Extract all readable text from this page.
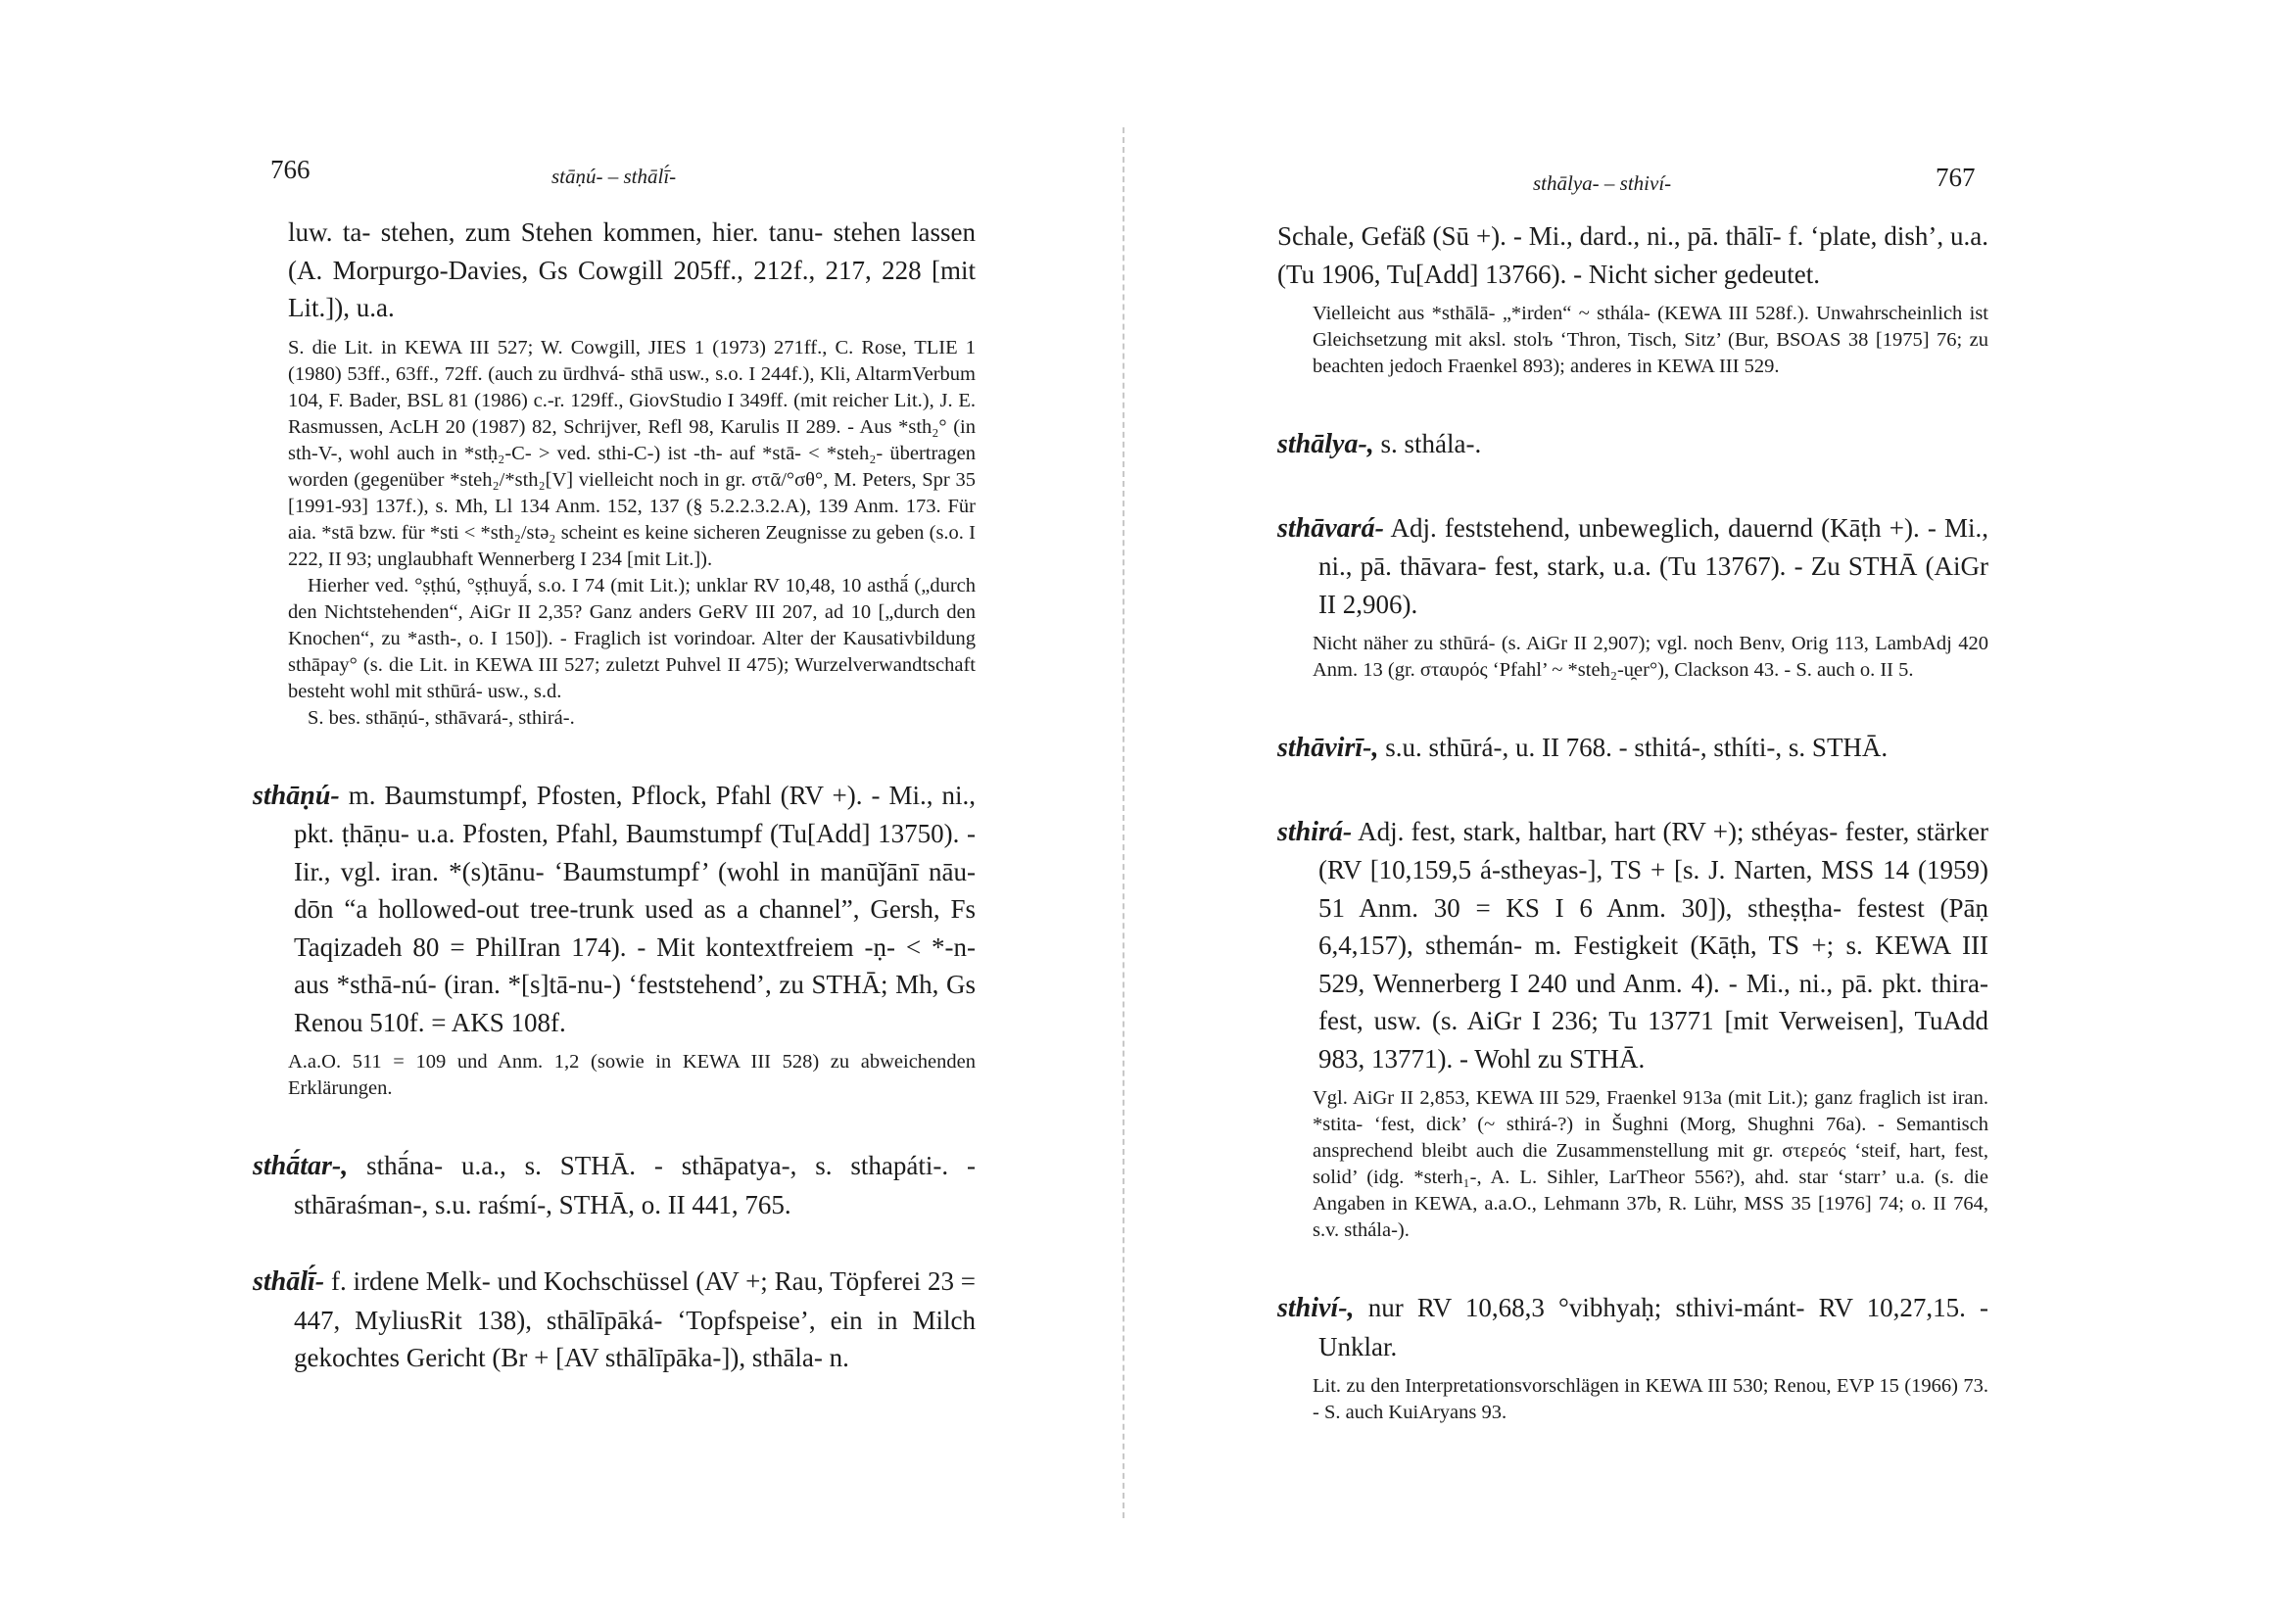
766	stāṇú- – sthālī́-

luw. ta- stehen, zum Stehen kommen, hier. tanu- stehen lassen (A. Morpurgo-Davies, Gs Cowgill 205ff., 212f., 217, 228 [mit Lit.]), u.a.

S. die Lit. in KEWA III 527; W. Cowgill, JIES 1 (1973) 271ff., C. Rose, TLIE 1 (1980) 53ff., 63ff., 72ff. (auch zu ūrdhvá- sthā usw., s.o. I 244f.), Kli, AltarmVerbum 104, F. Bader, BSL 81 (1986) c.-r. 129ff., GiovStudio I 349ff. (mit reicher Lit.), J. E. Rasmussen, AcLH 20 (1987) 82, Schrijver, Refl 98, Karulis II 289. - Aus *sth₂° (in sth-V-, wohl auch in *stḥ₂-C- > ved. sthi-C-) ist -th- auf *stā- < *steh₂- übertragen worden (gegenüber *steh₂/*sth₂[V] vielleicht noch in gr. στᾶ/°σθ°, M. Peters, Spr 35 [1991-93] 137f.), s. Mh, Ll 134 Anm. 152, 137 (§ 5.2.2.3.2.A), 139 Anm. 173. Für aia. *stā bzw. für *sti < *sth₂/stə₂ scheint es keine sicheren Zeugnisse zu geben (s.o. I 222, II 93; unglaubhaft Wennerberg I 234 [mit Lit.]).

Hierher ved. °ṣṭhú, °ṣṭhuyā́, s.o. I 74 (mit Lit.); unklar RV 10,48, 10 asthā́ („durch den Nichtstehenden“, AiGr II 2,35? Ganz anders GeRV III 207, ad 10 [„durch den Knochen“, zu *asth-, o. I 150]). - Fraglich ist vorindoar. Alter der Kausativbildung sthāpay° (s. die Lit. in KEWA III 527; zuletzt Puhvel II 475); Wurzelverwandtschaft besteht wohl mit sthūrá- usw., s.d.

S. bes. sthāṇú-, sthāvará-, sthirá-.

sthāṇú- m. Baumstumpf, Pfosten, Pflock, Pfahl (RV +). - Mi., ni., pkt. ṭhāṇu- u.a. Pfosten, Pfahl, Baumstumpf (Tu[Add] 13750). - Iir., vgl. iran. *(s)tānu- ‘Baumstumpf’ (wohl in manūǰānī nāu-dōn “a hollowed-out tree-trunk used as a channel”, Gersh, Fs Taqizadeh 80 = PhilIran 174). - Mit kontextfreiem -ṇ- < *-n- aus *sthā-nú- (iran. *[s]tā-nu-) ‘feststehend’, zu STHĀ; Mh, Gs Renou 510f. = AKS 108f.

A.a.O. 511 = 109 und Anm. 1,2 (sowie in KEWA III 528) zu abweichenden Erklärungen.

sthā́tar-, sthā́na- u.a., s. STHĀ. - sthāpatya-, s. sthapáti-. - sthāraśman-, s.u. raśmí-, STHĀ, o. II 441, 765.

sthālī́- f. irdene Melk- und Kochschüssel (AV +; Rau, Töpferei 23 = 447, MyliusRit 138), sthālīpāká- ‘Topfspeise’, ein in Milch gekochtes Gericht (Br + [AV sthālīpāka-]), sthāla- n.

sthālya- – sthiví-	767

Schale, Gefäß (Sū +). - Mi., dard., ni., pā. thālī- f. ‘plate, dish’, u.a. (Tu 1906, Tu[Add] 13766). - Nicht sicher gedeutet.

Vielleicht aus *sthālā- „*irden“ ~ sthála- (KEWA III 528f.). Unwahrscheinlich ist Gleichsetzung mit aksl. stolъ ‘Thron, Tisch, Sitz’ (Bur, BSOAS 38 [1975] 76; zu beachten jedoch Fraenkel 893); anderes in KEWA III 529.

sthālya-, s. sthála-.

sthāvará- Adj. feststehend, unbeweglich, dauernd (Kāṭh +). - Mi., ni., pā. thāvara- fest, stark, u.a. (Tu 13767). - Zu STHĀ (AiGr II 2,906).

Nicht näher zu sthūrá- (s. AiGr II 2,907); vgl. noch Benv, Orig 113, LambAdj 420 Anm. 13 (gr. σταυρός ‘Pfahl’ ~ *steh₂-u̯er°), Clackson 43. - S. auch o. II 5.

sthāvirī-, s.u. sthūrá-, u. II 768. - sthitá-, sthíti-, s. STHĀ.

sthirá- Adj. fest, stark, haltbar, hart (RV +); sthéyas- fester, stärker (RV [10,159,5 á-stheyas-], TS + [s. J. Narten, MSS 14 (1959) 51 Anm. 30 = KS I 6 Anm. 30]), stheṣṭha- festest (Pāṇ 6,4,157), sthemán- m. Festigkeit (Kāṭh, TS +; s. KEWA III 529, Wennerberg I 240 und Anm. 4). - Mi., ni., pā. pkt. thira- fest, usw. (s. AiGr I 236; Tu 13771 [mit Verweisen], TuAdd 983, 13771). - Wohl zu STHĀ.

Vgl. AiGr II 2,853, KEWA III 529, Fraenkel 913a (mit Lit.); ganz fraglich ist iran. *stita- ‘fest, dick’ (~ sthirá-?) in Šughni (Morg, Shughni 76a). - Semantisch ansprechend bleibt auch die Zusammenstellung mit gr. στερεός ‘steif, hart, fest, solid’ (idg. *sterh₁-, A. L. Sihler, LarTheor 556?), ahd. star ‘starr’ u.a. (s. die Angaben in KEWA, a.a.O., Lehmann 37b, R. Lühr, MSS 35 [1976] 74; o. II 764, s.v. sthála-).

sthiví-, nur RV 10,68,3 °vibhyaḥ; sthivi-mánt- RV 10,27,15. - Unklar.

Lit. zu den Interpretationsvorschlägen in KEWA III 530; Renou, EVP 15 (1966) 73. - S. auch KuiAryans 93.
